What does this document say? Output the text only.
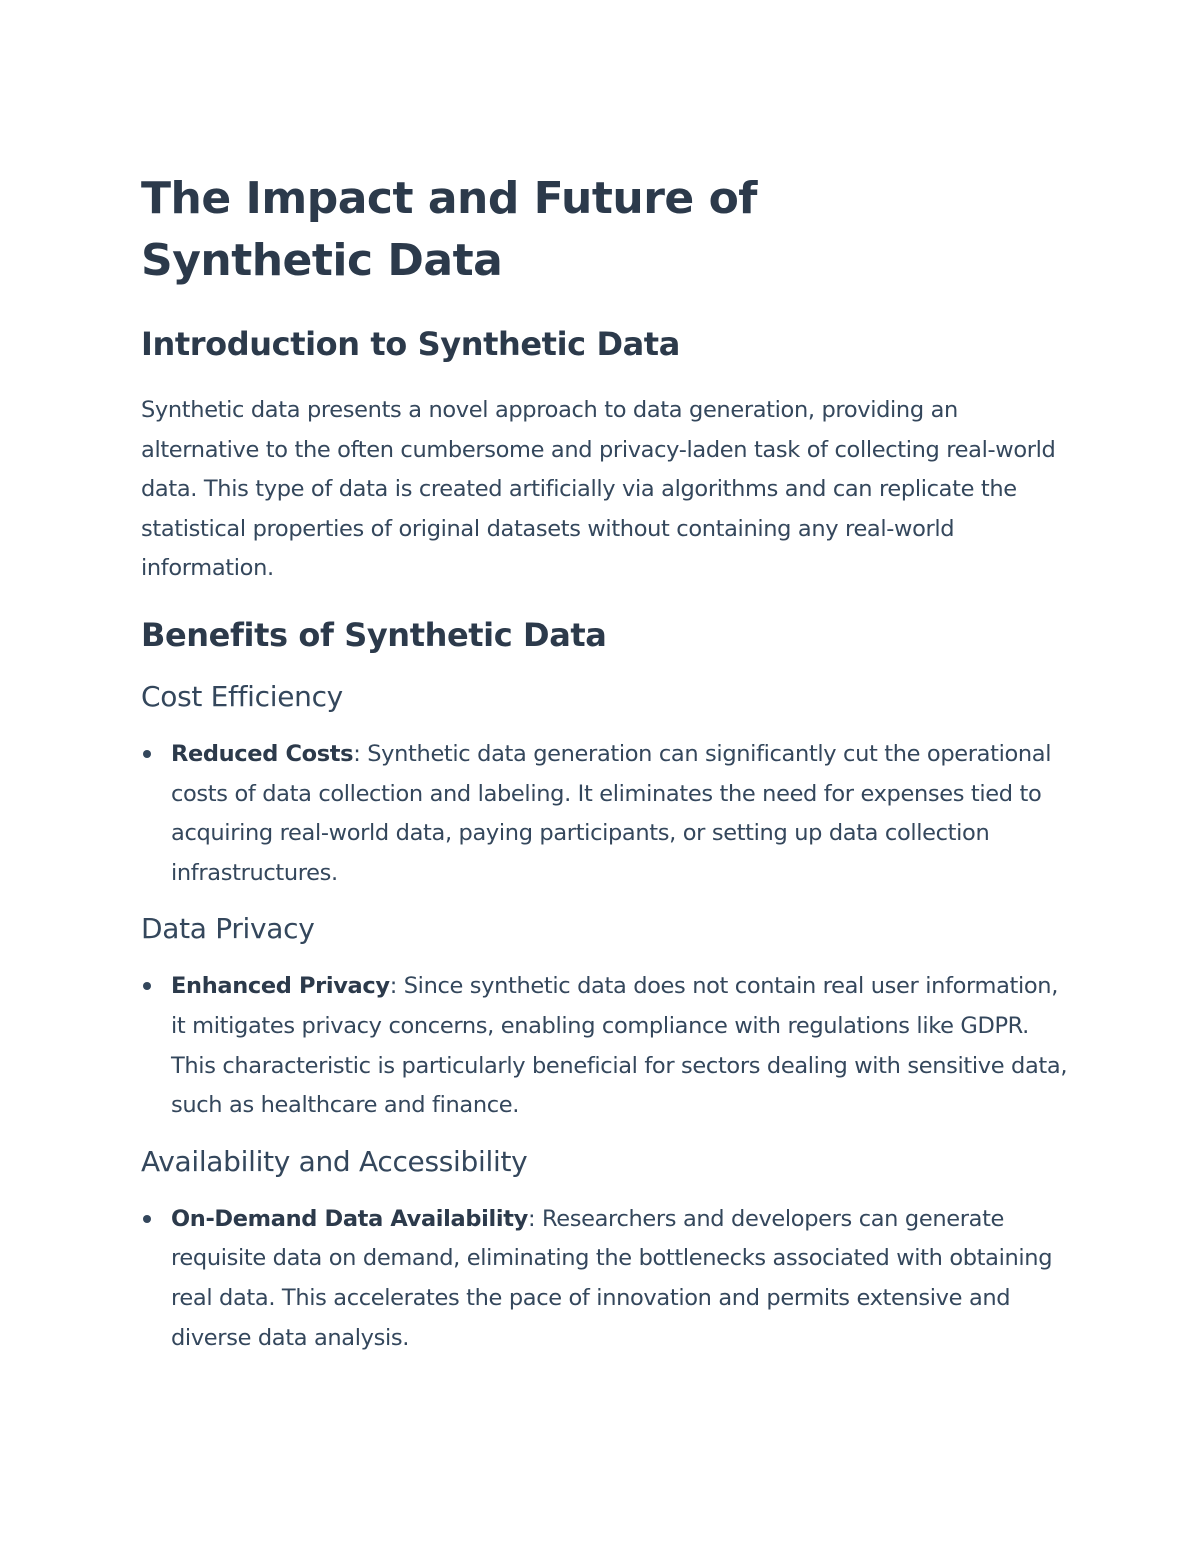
The Impact and Future of Synthetic Data
Introduction to Synthetic Data

Synthetic data presents a novel approach to data generation, providing an alternative to the often cumbersome and privacy-laden task of collecting real-world data. This type of data is created artificially via algorithms and can replicate the statistical properties of original datasets without containing any real-world information.

Benefits of Synthetic Data
Cost Efficiency
Reduced Costs: Synthetic data generation can significantly cut the operational costs of data collection and labeling. It eliminates the need for expenses tied to acquiring real-world data, paying participants, or setting up data collection infrastructures.
Data Privacy
Enhanced Privacy: Since synthetic data does not contain real user information, it mitigates privacy concerns, enabling compliance with regulations like GDPR. This characteristic is particularly beneficial for sectors dealing with sensitive data, such as healthcare and finance.
Availability and Accessibility
On-Demand Data Availability: Researchers and developers can generate requisite data on demand, eliminating the bottlenecks associated with obtaining real data. This accelerates the pace of innovation and permits extensive and diverse data analysis.
